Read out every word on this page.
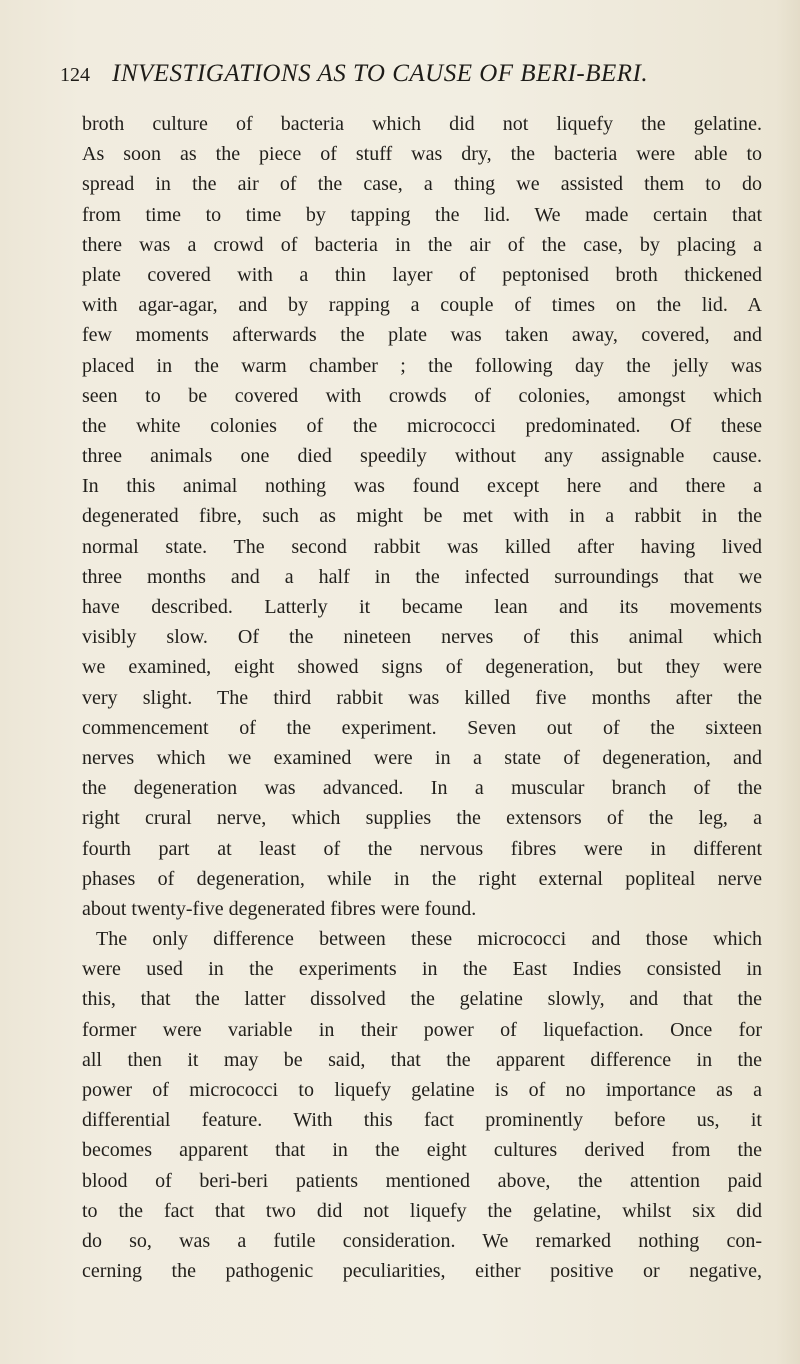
124 INVESTIGATIONS AS TO CAUSE OF BERI-BERI.
broth culture of bacteria which did not liquefy the gelatine.
As soon as the piece of stuff was dry, the bacteria were able to
spread in the air of the case, a thing we assisted them to do
from time to time by tapping the lid. We made certain that
there was a crowd of bacteria in the air of the case, by placing a
plate covered with a thin layer of peptonised broth thickened
with agar-agar, and by rapping a couple of times on the lid. A
few moments afterwards the plate was taken away, covered, and
placed in the warm chamber ; the following day the jelly was
seen to be covered with crowds of colonies, amongst which
the white colonies of the micrococci predominated. Of these
three animals one died speedily without any assignable cause.
In this animal nothing was found except here and there a
degenerated fibre, such as might be met with in a rabbit in the
normal state. The second rabbit was killed after having lived
three months and a half in the infected surroundings that we
have described. Latterly it became lean and its movements
visibly slow. Of the nineteen nerves of this animal which
we examined, eight showed signs of degeneration, but they were
very slight. The third rabbit was killed five months after the
commencement of the experiment. Seven out of the sixteen
nerves which we examined were in a state of degeneration, and
the degeneration was advanced. In a muscular branch of the
right crural nerve, which supplies the extensors of the leg, a
fourth part at least of the nervous fibres were in different
phases of degeneration, while in the right external popliteal nerve
about twenty-five degenerated fibres were found.
The only difference between these micrococci and those which
were used in the experiments in the East Indies consisted in
this, that the latter dissolved the gelatine slowly, and that the
former were variable in their power of liquefaction. Once for
all then it may be said, that the apparent difference in the
power of micrococci to liquefy gelatine is of no importance as a
differential feature. With this fact prominently before us, it
becomes apparent that in the eight cultures derived from the
blood of beri-beri patients mentioned above, the attention paid
to the fact that two did not liquefy the gelatine, whilst six did
do so, was a futile consideration. We remarked nothing con-
cerning the pathogenic peculiarities, either positive or negative,
